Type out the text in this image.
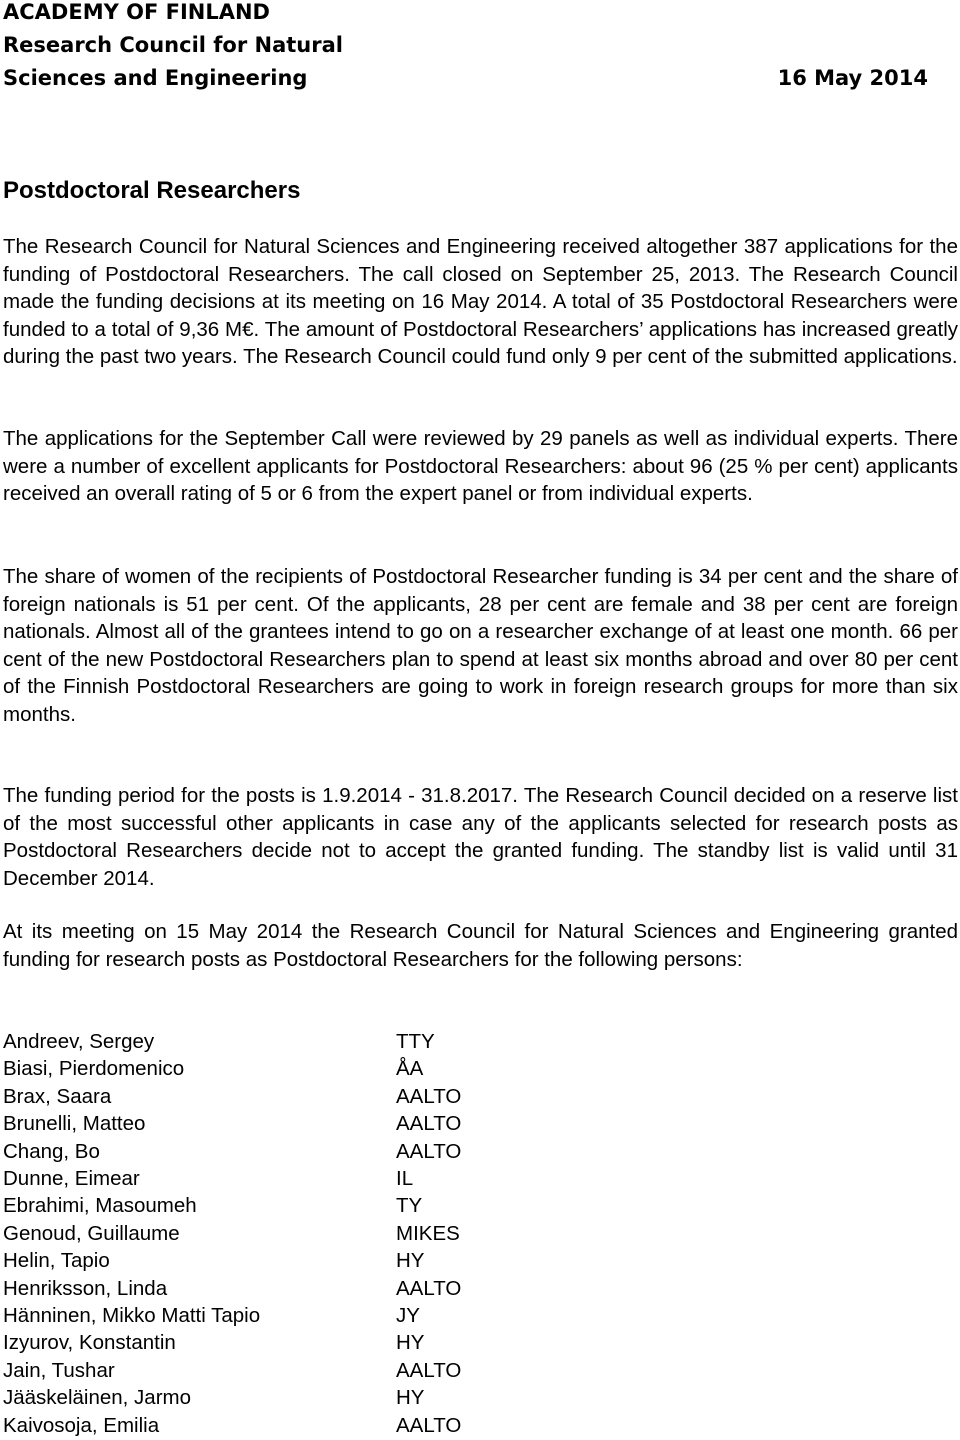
ACADEMY OF FINLAND
Research Council for Natural
Sciences and Engineering	16 May 2014
Postdoctoral Researchers

The Research Council for Natural Sciences and Engineering received altogether 387 applications for the funding of Postdoctoral Researchers. The call closed on September 25, 2013. The Research Council made the funding decisions at its meeting on 16 May 2014. A total of 35 Postdoctoral Researchers were funded to a total of 9,36 M€. The amount of Postdoctoral Researchers’ applications has increased greatly during the past two years. The Research Council could fund only 9 per cent of the submitted applications.

The applications for the September Call were reviewed by 29 panels as well as individual experts. There were a number of excellent applicants for Postdoctoral Researchers: about 96 (25 % per cent) applicants received an overall rating of 5 or 6 from the expert panel or from individual experts.

The share of women of the recipients of Postdoctoral Researcher funding is 34 per cent and the share of foreign nationals is 51 per cent. Of the applicants, 28 per cent are female and 38 per cent are foreign nationals. Almost all of the grantees intend to go on a researcher exchange of at least one month. 66 per cent of the new Postdoctoral Researchers plan to spend at least six months abroad and over 80 per cent of the Finnish Postdoctoral Researchers are going to work in foreign research groups for more than six months.

The funding period for the posts is 1.9.2014 - 31.8.2017. The Research Council decided on a reserve list of the most successful other applicants in case any of the applicants selected for research posts as Postdoctoral Researchers decide not to accept the granted funding. The standby list is valid until 31 December 2014.

At its meeting on 15 May 2014 the Research Council for Natural Sciences and Engineering granted funding for research posts as Postdoctoral Researchers for the following persons:

Andreev, Sergey	TTY
Biasi, Pierdomenico	ÅA
Brax, Saara	AALTO
Brunelli, Matteo	AALTO
Chang, Bo	AALTO
Dunne, Eimear	IL
Ebrahimi, Masoumeh	TY
Genoud, Guillaume	MIKES
Helin, Tapio	HY
Henriksson, Linda	AALTO
Hänninen, Mikko Matti Tapio	JY
Izyurov, Konstantin	HY
Jain, Tushar	AALTO
Jääskeläinen, Jarmo	HY
Kaivosoja, Emilia	AALTO
